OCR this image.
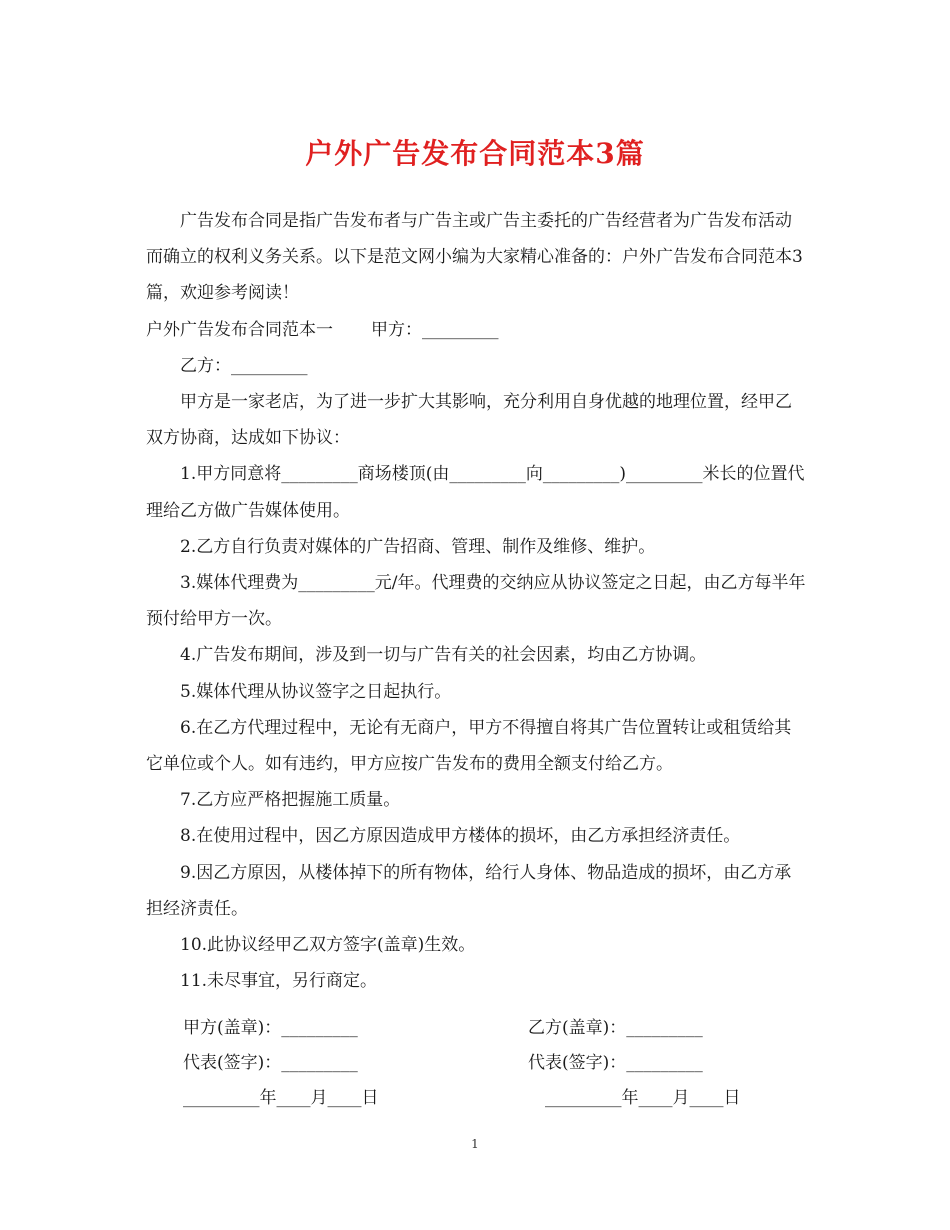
户外广告发布合同范本3篇

广告发布合同是指广告发布者与广告主或广告主委托的广告经营者为广告发布活动而确立的权利义务关系。以下是范文网小编为大家精心准备的：户外广告发布合同范本3篇，欢迎参考阅读！

户外广告发布合同范本一 甲方：_________

乙方：_________

甲方是一家老店，为了进一步扩大其影响，充分利用自身优越的地理位置，经甲乙双方协商，达成如下协议：

1.甲方同意将_________商场楼顶(由_________向_________)_________米长的位置代理给乙方做广告媒体使用。

2.乙方自行负责对媒体的广告招商、管理、制作及维修、维护。

3.媒体代理费为_________元/年。代理费的交纳应从协议签定之日起，由乙方每半年预付给甲方一次。

4.广告发布期间，涉及到一切与广告有关的社会因素，均由乙方协调。

5.媒体代理从协议签字之日起执行。

6.在乙方代理过程中，无论有无商户，甲方不得擅自将其广告位置转让或租赁给其它单位或个人。如有违约，甲方应按广告发布的费用全额支付给乙方。

7.乙方应严格把握施工质量。

8.在使用过程中，因乙方原因造成甲方楼体的损坏，由乙方承担经济责任。

9.因乙方原因，从楼体掉下的所有物体，给行人身体、物品造成的损坏，由乙方承担经济责任。

10.此协议经甲乙双方签字(盖章)生效。

11.未尽事宜，另行商定。

甲方(盖章)：_________	乙方(盖章)：_________
代表(签字)：_________	代表(签字)：_________
_________年____月____日	_________年____月____日
1
